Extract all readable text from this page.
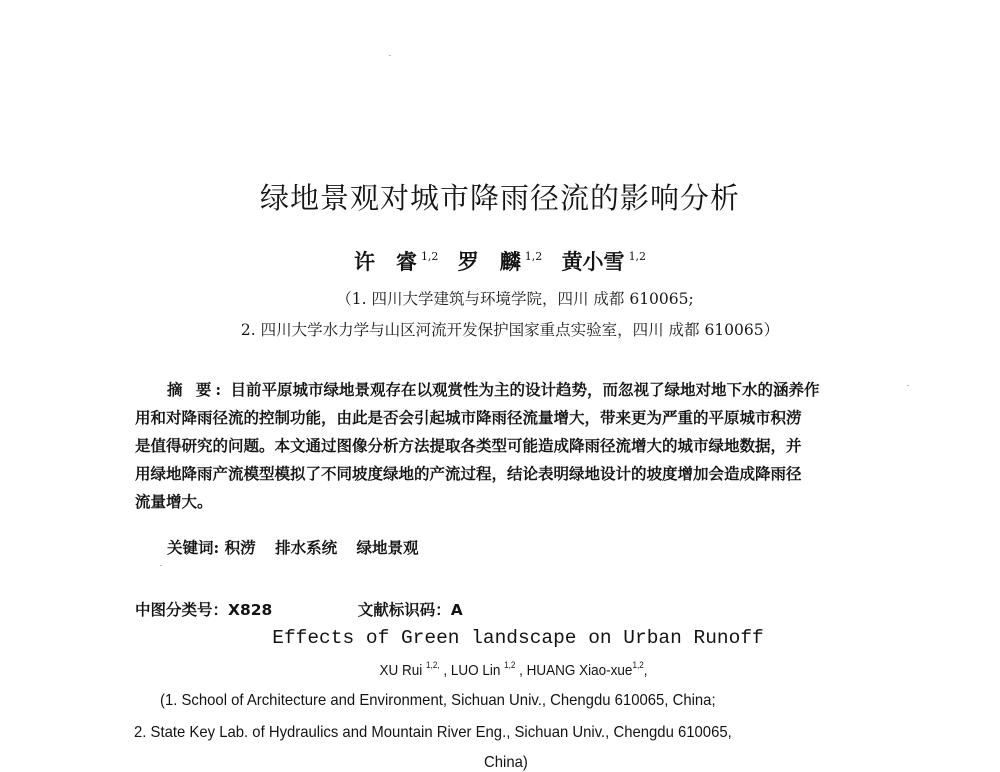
绿地景观对城市降雨径流的影响分析
许　睿 $^{1,2}$ 罗　麟 $^{1,2}$ 黄小雪 $^{1,2}$
（1. 四川大学建筑与环境学院，四川 成都 610065;
2. 四川大学水力学与山区河流开发保护国家重点实验室，四川 成都 610065）
摘 要: 目前平原城市绿地景观存在以观赏性为主的设计趋势，而忽视了绿地对地下水的涵养作
用和对降雨径流的控制功能，由此是否会引起城市降雨径流量增大，带来更为严重的平原城市积涝
是值得研究的问题。本文通过图像分析方法提取各类型可能造成降雨径流增大的城市绿地数据，并
用绿地降雨产流模型模拟了不同坡度绿地的产流过程，结论表明绿地设计的坡度增加会造成降雨径
流量增大。
关键词: 积涝 排水系统 绿地景观
中图分类号：X828	文献标识码：A
Effects of Green landscape on Urban Runoff
XU Rui $^{1,2,}$ , LUO Lin $^{1,2}$ , HUANG Xiao-xue$^{1,2}$,
(1. School of Architecture and Environment, Sichuan Univ., Chengdu 610065, China;
2. State Key Lab. of Hydraulics and Mountain River Eng., Sichuan Univ., Chengdu 610065,
China)
